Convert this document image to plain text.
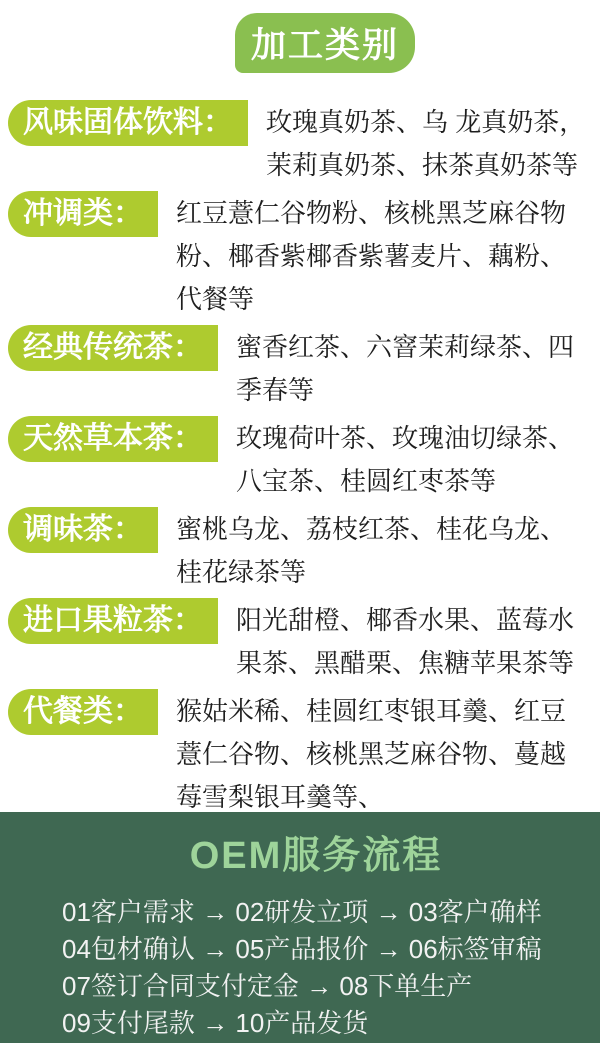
加工类别
风味固体饮料：	玫瑰真奶茶、乌 龙真奶茶，茉莉真奶茶、抹茶真奶茶等
冲调类：	红豆薏仁谷物粉、核桃黑芝麻谷物粉、椰香紫椰香紫薯麦片、藕粉、代餐等
经典传统茶：	蜜香红茶、六窨茉莉绿茶、四季春等
天然草本茶：	玫瑰荷叶茶、玫瑰油切绿茶、八宝茶、桂圆红枣茶等
调味茶：	蜜桃乌龙、荔枝红茶、桂花乌龙、桂花绿茶等
进口果粒茶：	阳光甜橙、椰香水果、蓝莓水果茶、黑醋栗、焦糖苹果茶等
代餐类：	猴姑米稀、桂圆红枣银耳羹、红豆薏仁谷物、核桃黑芝麻谷物、蔓越莓雪梨银耳羹等、
OEM服务流程
01客户需求 → 02研发立项 → 03客户确样
04包材确认 → 05产品报价 → 06标签审稿
07签订合同支付定金 → 08下单生产
09支付尾款 → 10产品发货
